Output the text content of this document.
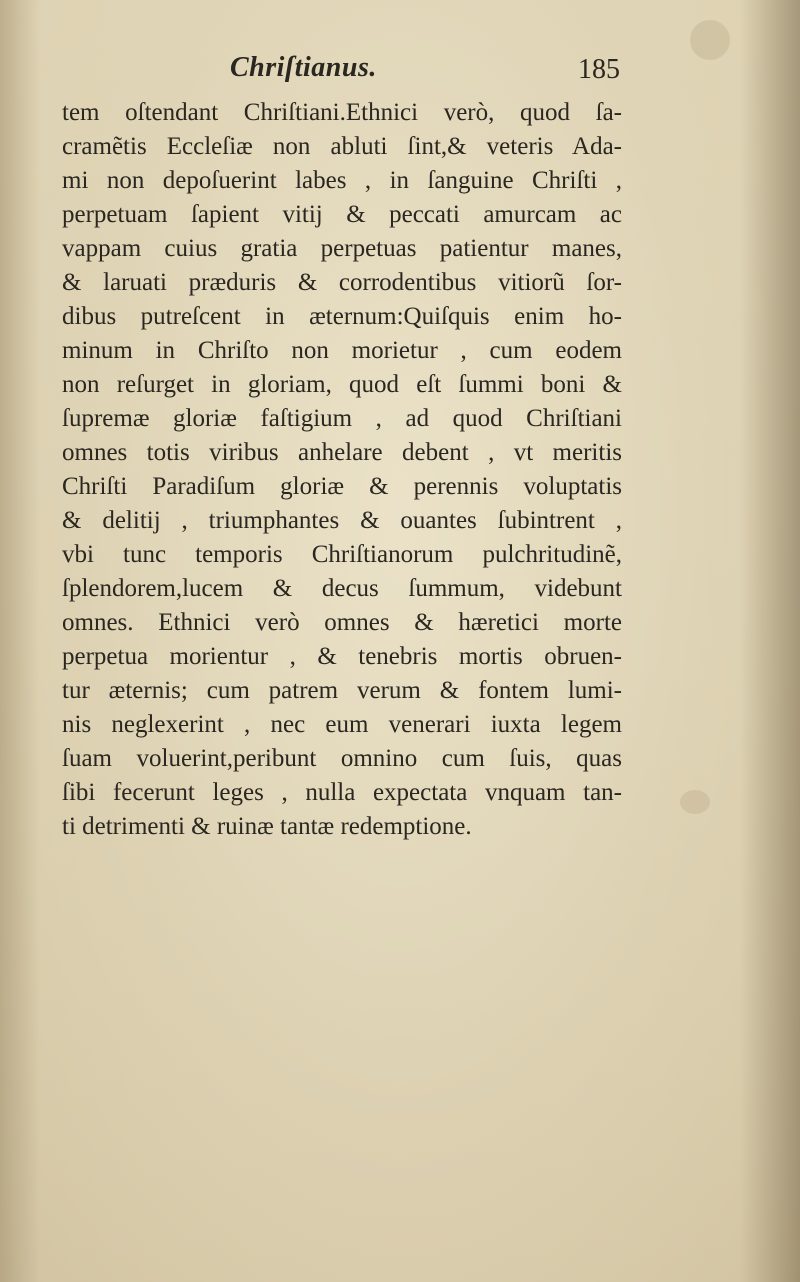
Chriſtianus.	185
tem oſtendant Chriſtiani.Ethnici verò, quod ſa-
cramẽtis Eccleſiæ non abluti ſint,& veteris Ada-
mi non depoſuerint labes , in ſanguine Chriſti ,
perpetuam ſapient vitij & peccati amurcam ac
vappam cuius gratia perpetuas patientur manes,
& laruati præduris & corrodentibus vitiorũ ſor-
dibus putreſcent in æternum:Quiſquis enim ho-
minum in Chriſto non morietur , cum eodem
non reſurget in gloriam, quod eſt ſummi boni &
ſupremæ gloriæ faſtigium , ad quod Chriſtiani
omnes totis viribus anhelare debent , vt meritis
Chriſti Paradiſum gloriæ & perennis voluptatis
& delitij , triumphantes & ouantes ſubintrent ,
vbi tunc temporis Chriſtianorum pulchritudinẽ,
ſplendorem,lucem & decus ſummum, videbunt
omnes. Ethnici verò omnes & hæretici morte
perpetua morientur , & tenebris mortis obruen-
tur æternis; cum patrem verum & fontem lumi-
nis neglexerint , nec eum venerari iuxta legem
ſuam voluerint,peribunt omnino cum ſuis, quas
ſibi fecerunt leges , nulla expectata vnquam tan-
ti detrimenti & ruinæ tantæ redemptione.
